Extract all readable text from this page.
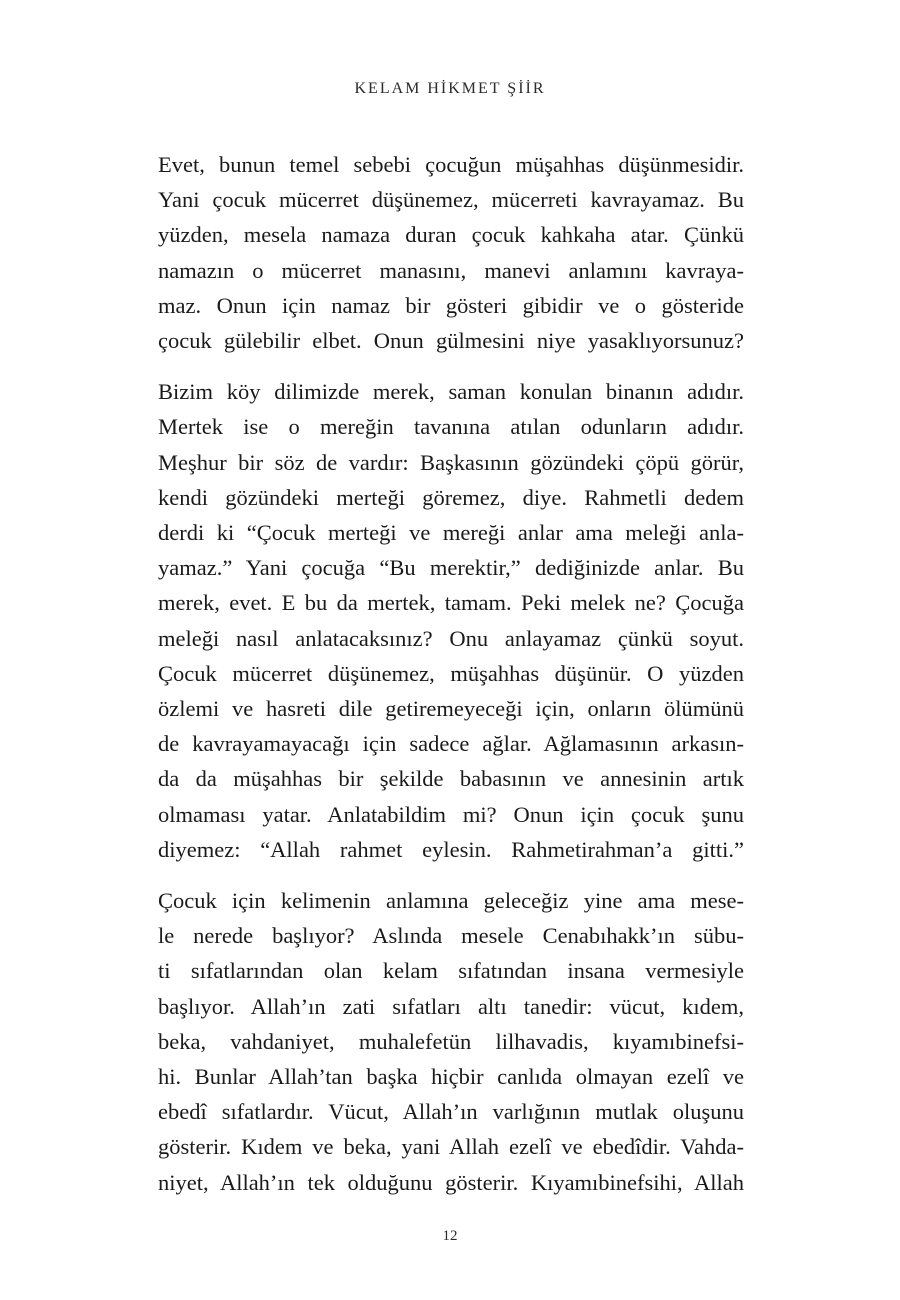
KELAM HİKMET ŞİİR

Evet, bunun temel sebebi çocuğun müşahhas düşünmesidir.
Yani çocuk mücerret düşünemez, mücerreti kavrayamaz. Bu
yüzden, mesela namaza duran çocuk kahkaha atar. Çünkü
namazın o mücerret manasını, manevi anlamını kavraya-
maz. Onun için namaz bir gösteri gibidir ve o gösteride
çocuk gülebilir elbet. Onun gülmesini niye yasaklıyorsunuz?

Bizim köy dilimizde merek, saman konulan binanın adıdır.
Mertek ise o mereğin tavanına atılan odunların adıdır.
Meşhur bir söz de vardır: Başkasının gözündeki çöpü görür,
kendi gözündeki merteği göremez, diye. Rahmetli dedem
derdi ki “Çocuk merteği ve mereği anlar ama meleği anla-
yamaz.” Yani çocuğa “Bu merektir,” dediğinizde anlar. Bu
merek, evet. E bu da mertek, tamam. Peki melek ne? Çocuğa
meleği nasıl anlatacaksınız? Onu anlayamaz çünkü soyut.
Çocuk mücerret düşünemez, müşahhas düşünür. O yüzden
özlemi ve hasreti dile getiremeyeceği için, onların ölümünü
de kavrayamayacağı için sadece ağlar. Ağlamasının arkasın-
da da müşahhas bir şekilde babasının ve annesinin artık
olmaması yatar. Anlatabildim mi? Onun için çocuk şunu
diyemez: “Allah rahmet eylesin. Rahmetirahman’a gitti.”

Çocuk için kelimenin anlamına geleceğiz yine ama mese-
le nerede başlıyor? Aslında mesele Cenabıhakk’ın sübu-
ti sıfatlarından olan kelam sıfatından insana vermesiyle
başlıyor. Allah’ın zati sıfatları altı tanedir: vücut, kıdem,
beka, vahdaniyet, muhalefetün lilhavadis, kıyamıbinefsi-
hi. Bunlar Allah’tan başka hiçbir canlıda olmayan ezelî ve
ebedî sıfatlardır. Vücut, Allah’ın varlığının mutlak oluşunu
gösterir. Kıdem ve beka, yani Allah ezelî ve ebedîdir. Vahda-
niyet, Allah’ın tek olduğunu gösterir. Kıyamıbinefsihi, Allah

12
